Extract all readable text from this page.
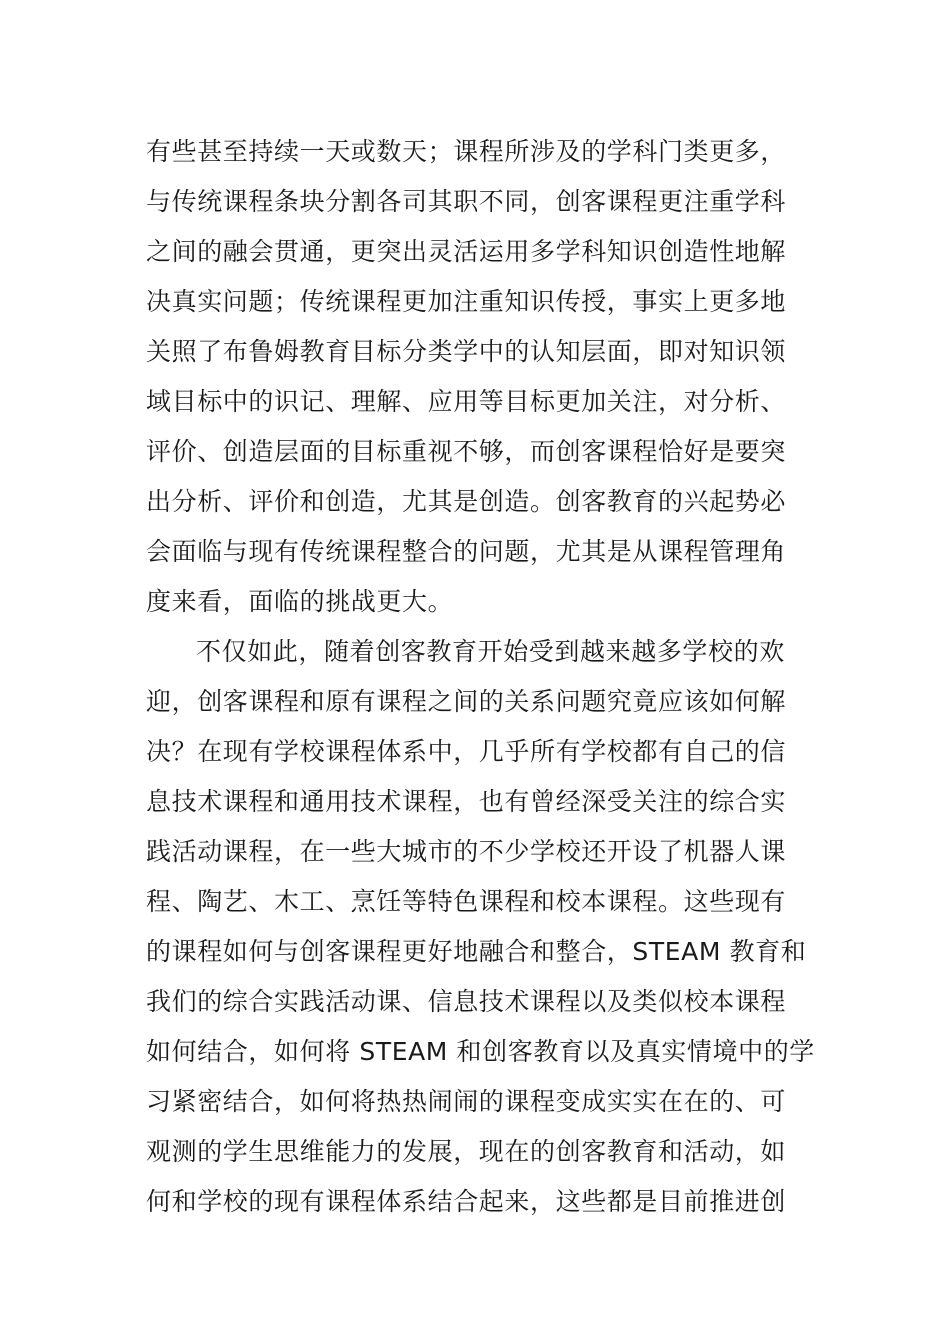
有些甚至持续一天或数天；课程所涉及的学科门类更多，
与传统课程条块分割各司其职不同，创客课程更注重学科
之间的融会贯通，更突出灵活运用多学科知识创造性地解
决真实问题；传统课程更加注重知识传授，事实上更多地
关照了布鲁姆教育目标分类学中的认知层面，即对知识领
域目标中的识记、理解、应用等目标更加关注，对分析、
评价、创造层面的目标重视不够，而创客课程恰好是要突
出分析、评价和创造，尤其是创造。创客教育的兴起势必
会面临与现有传统课程整合的问题，尤其是从课程管理角
度来看，面临的挑战更大。
不仅如此，随着创客教育开始受到越来越多学校的欢
迎，创客课程和原有课程之间的关系问题究竟应该如何解
决？在现有学校课程体系中，几乎所有学校都有自己的信
息技术课程和通用技术课程，也有曾经深受关注的综合实
践活动课程，在一些大城市的不少学校还开设了机器人课
程、陶艺、木工、烹饪等特色课程和校本课程。这些现有
的课程如何与创客课程更好地融合和整合，STEAM 教育和
我们的综合实践活动课、信息技术课程以及类似校本课程
如何结合，如何将 STEAM 和创客教育以及真实情境中的学
习紧密结合，如何将热热闹闹的课程变成实实在在的、可
观测的学生思维能力的发展，现在的创客教育和活动，如
何和学校的现有课程体系结合起来，这些都是目前推进创
